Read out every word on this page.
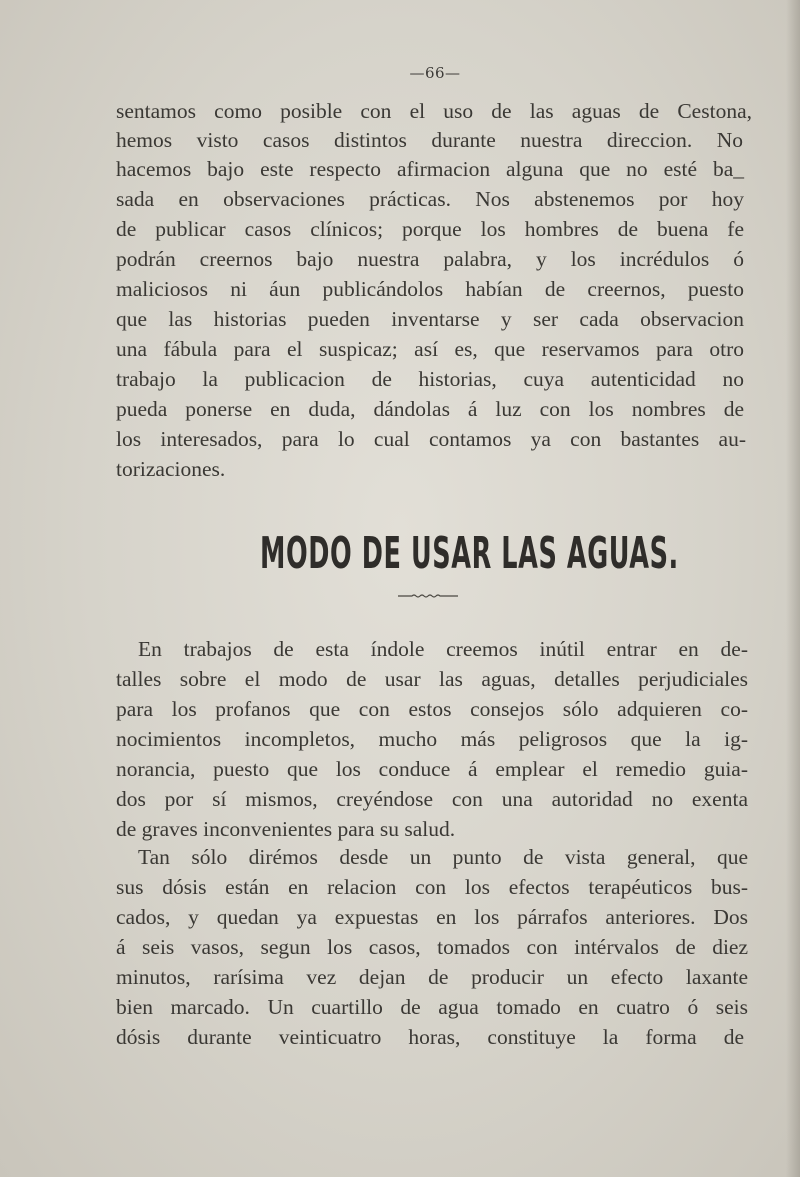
—66—
sentamos como posible con el uso de las aguas de Cestona,
hemos visto casos distintos durante nuestra direccion. No
hacemos bajo este respecto afirmacion alguna que no esté ba_
sada en observaciones prácticas. Nos abstenemos por hoy
de publicar casos clínicos; porque los hombres de buena fe
podrán creernos bajo nuestra palabra, y los incrédulos ó
maliciosos ni áun publicándolos habían de creernos, puesto
que las historias pueden inventarse y ser cada observacion
una fábula para el suspicaz; así es, que reservamos para otro
trabajo la publicacion de historias, cuya autenticidad no
pueda ponerse en duda, dándolas á luz con los nombres de
los interesados, para lo cual contamos ya con bastantes au-
torizaciones.
MODO DE USAR LAS AGUAS.
En trabajos de esta índole creemos inútil entrar en de-
talles sobre el modo de usar las aguas, detalles perjudiciales
para los profanos que con estos consejos sólo adquieren co-
nocimientos incompletos, mucho más peligrosos que la ig-
norancia, puesto que los conduce á emplear el remedio guia-
dos por sí mismos, creyéndose con una autoridad no exenta
de graves inconvenientes para su salud.
Tan sólo dirémos desde un punto de vista general, que
sus dósis están en relacion con los efectos terapéuticos bus-
cados, y quedan ya expuestas en los párrafos anteriores. Dos
á seis vasos, segun los casos, tomados con intérvalos de diez
minutos, rarísima vez dejan de producir un efecto laxante
bien marcado. Un cuartillo de agua tomado en cuatro ó seis
dósis durante veinticuatro horas, constituye la forma de
